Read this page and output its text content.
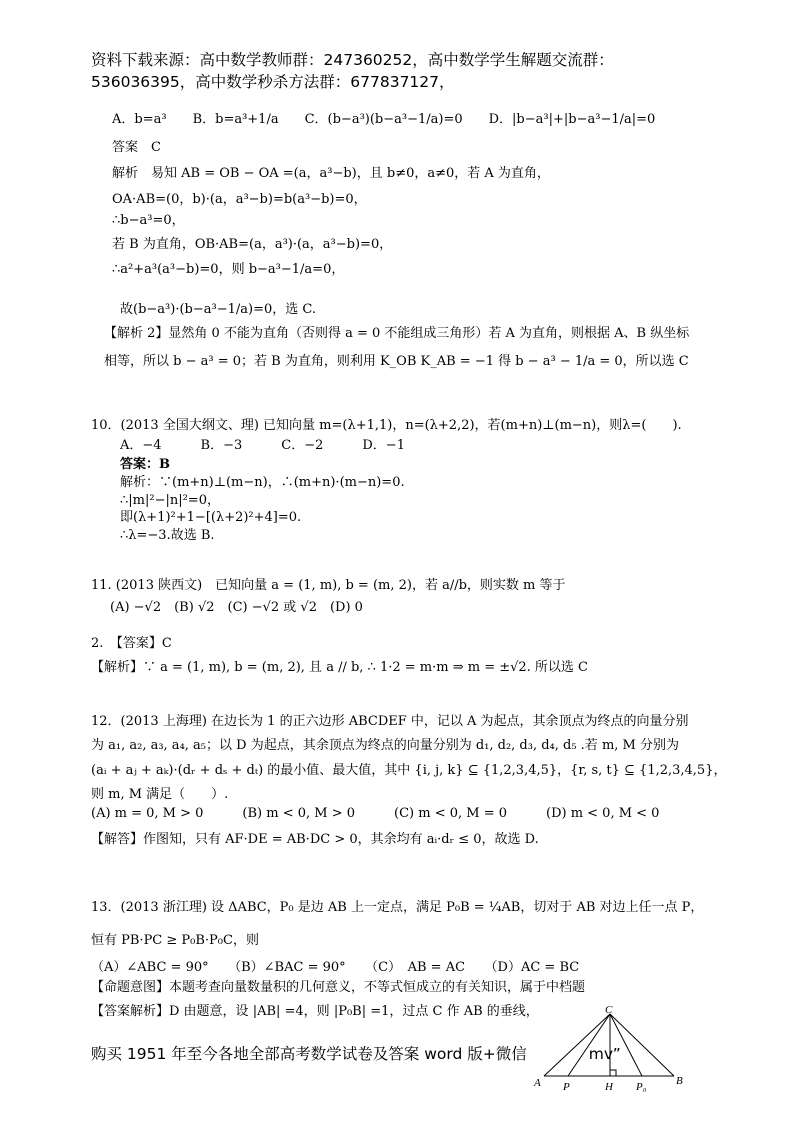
资料下载来源：高中数学教师群：247360252，高中数学学生解题交流群：
536036395，高中数学秒杀方法群：677837127，
A．b=a³　　B．b=a³+1/a　　C．(b−a³)(b−a³−1/a)=0　　D．|b−a³|+|b−a³−1/a|=0
答案　C
解析　易知 AB = OB − OA =(a，a³−b)，且 b≠0，a≠0，若 A 为直角，
OA·AB=(0，b)·(a，a³−b)=b(a³−b)=0，
∴b−a³=0，
若 B 为直角，OB·AB=(a，a³)·(a，a³−b)=0，
∴a²+a³(a³−b)=0，则 b−a³−1/a=0，
故(b−a³)·(b−a³−1/a)=0，选 C.
【解析 2】显然角 0 不能为直角（否则得 a = 0 不能组成三角形）若 A 为直角，则根据 A、B 纵坐标
相等，所以 b − a³ = 0；若 B 为直角，则利用 K_OB K_AB = −1 得 b − a³ − 1/a = 0，所以选 C
10．(2013 全国大纲文、理) 已知向量 m=(λ+1,1)，n=(λ+2,2)，若(m+n)⊥(m−n)，则λ=(　　).
A．−4　　　B．−3　　　C．−2　　　D．−1
答案：B
解析：∵(m+n)⊥(m−n)，∴(m+n)·(m−n)=0.
∴|m|²−|n|²=0，
即(λ+1)²+1−[(λ+2)²+4]=0.
∴λ=−3.故选 B.
11. (2013 陕西文)　已知向量 a = (1, m), b = (m, 2)，若 a//b，则实数 m 等于
(A) −√2　(B) √2　(C) −√2 或 √2　(D) 0
2.　【答案】C
【解析】∵ a = (1, m), b = (m, 2), 且 a // b, ∴ 1·2 = m·m ⇒ m = ±√2. 所以选 C
12．(2013 上海理) 在边长为 1 的正六边形 ABCDEF 中，记以 A 为起点，其余顶点为终点的向量分别
为 a₁, a₂, a₃, a₄, a₅；以 D 为起点，其余顶点为终点的向量分别为 d₁, d₂, d₃, d₄, d₅ .若 m, M 分别为
(aᵢ + aⱼ + aₖ)·(dᵣ + dₛ + dₜ) 的最小值、最大值，其中 {i, j, k} ⊆ {1,2,3,4,5}，{r, s, t} ⊆ {1,2,3,4,5}，
则 m, M 满足（　　）.
(A) m = 0, M > 0　　　(B) m < 0, M > 0　　　(C) m < 0, M = 0　　　(D) m < 0, M < 0
【解答】作图知，只有 AF·DE = AB·DC > 0，其余均有 aᵢ·dᵣ ≤ 0，故选 D.
13．(2013 浙江理) 设 ΔABC，P₀ 是边 AB 上一定点，满足 P₀B = ¼AB，切对于 AB 对边上任一点 P，
恒有 PB·PC ≥ P₀B·P₀C，则
（A）∠ABC = 90°　　（B）∠BAC = 90°　　（C）　AB = AC　　（D）AC = BC
【命题意图】本题考查向量数量积的几何意义，不等式恒成立的有关知识，属于中档题
【答案解析】D 由题意，设 |AB| =4，则 |P₀B| =1，过点 C 作 AB 的垂线，
购买 1951 年至今各地全部高考数学试卷及答案 word 版+微信　　　　mv”
C
A P	H P₀	B
